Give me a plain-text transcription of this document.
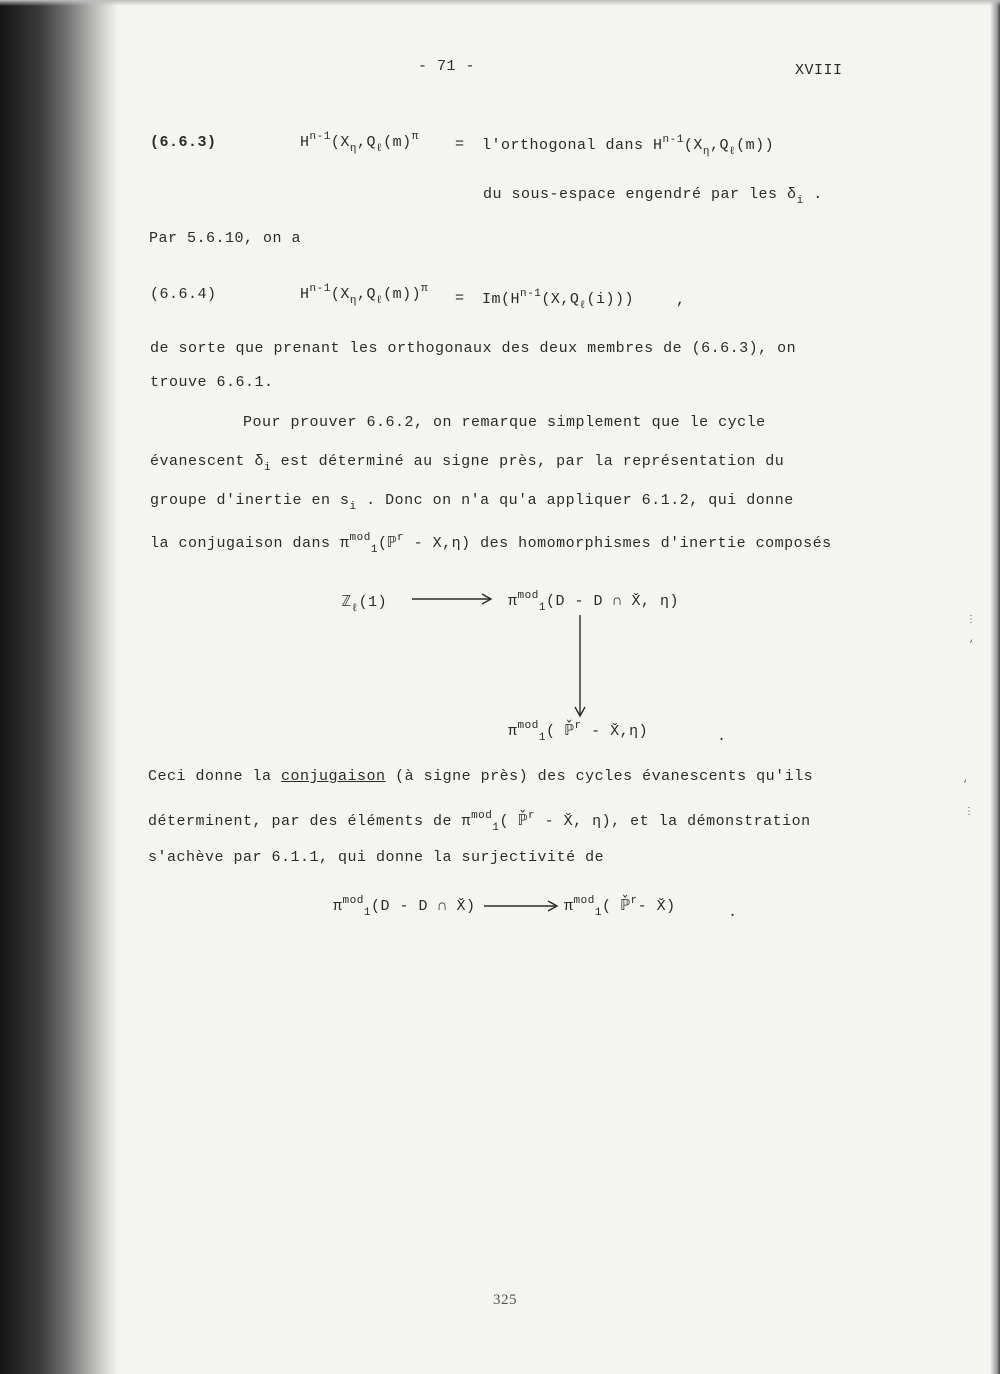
- 71 -	XVIII
(6.6.3)	$H^{n-1}(X_\eta,Q_\ell(m)^\pi$ = l'orthogonal dans $H^{n-1}(X_\eta,Q_\ell(m))$
du sous-espace engendré par les $\delta_i$ .
Par 5.6.10, on a
(6.6.4)	$H^{n-1}(X_\eta,Q_\ell(m))^\pi$
= $Im(H^{n-1}(X,Q_\ell(i)))$	,
de sorte que prenant les orthogonaux des deux membres de (6.6.3), on
trouve 6.6.1.
Pour prouver 6.6.2, on remarque simplement que le cycle
évanescent $\delta_i$ est déterminé au signe près, par la représentation du
groupe d'inertie en $s_i$ . Donc on n'a qu'a appliquer 6.1.2, qui donne
la conjugaison dans $\pi^{mod}_1(ℙ^r - X,\eta)$ des homomorphismes d'inertie composés
ℤ$_\ell$(1)	$\pi^{mod}_1(D$ - D ∩ X̌, η)
$\pi^{mod}_1$( ℙ̌$^r$ - X̌,η)	.
Ceci donne la conjugaison (à signe près) des cycles évanescents qu'ils
déterminent, par des éléments de $\pi^{mod}_1$( ℙ̌$^r$ - X̌, η), et la démonstration
s'achève par 6.1.1, qui donne la surjectivité de
$\pi^{mod}_1(D$ - D ∩ X̌)	$\pi^{mod}_1$( ℙ̌$^r$- X̌)	.
325
⋮
‘
‘
⋮
